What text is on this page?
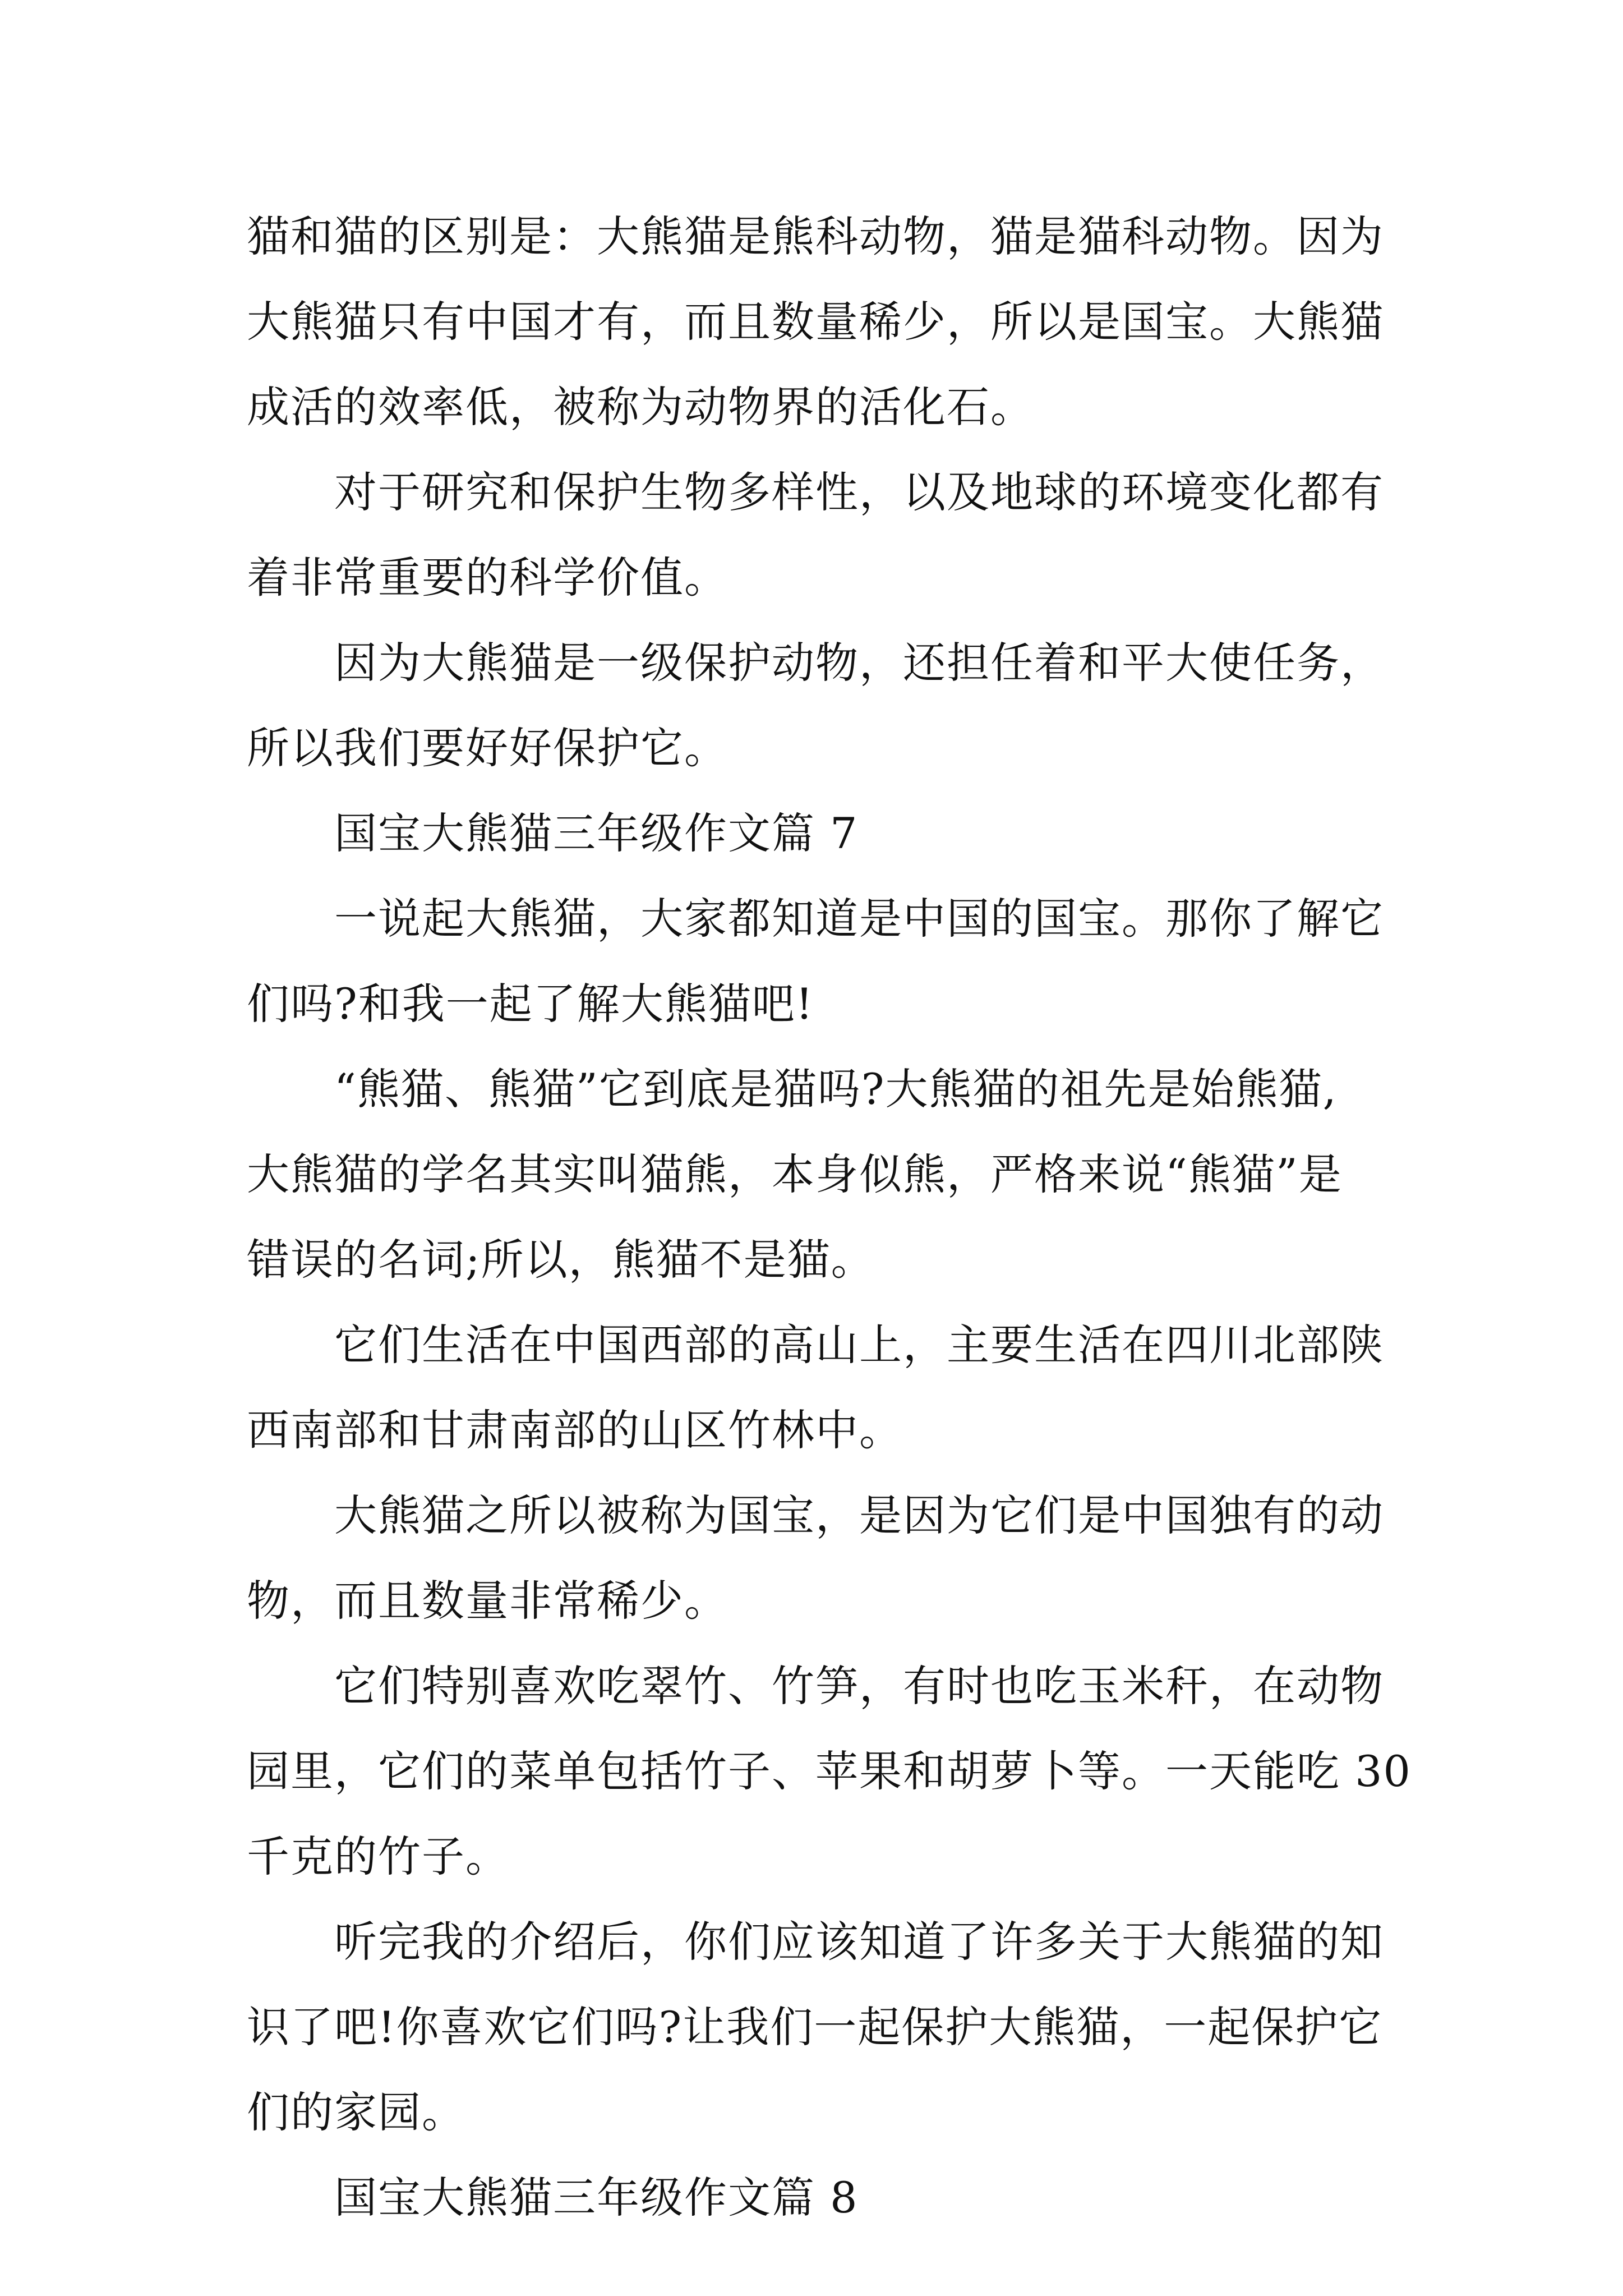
猫和猫的区别是：大熊猫是熊科动物，猫是猫科动物。因为
大熊猫只有中国才有，而且数量稀少，所以是国宝。大熊猫
成活的效率低，被称为动物界的活化石。
对于研究和保护生物多样性，以及地球的环境变化都有
着非常重要的科学价值。
因为大熊猫是一级保护动物，还担任着和平大使任务，
所以我们要好好保护它。
国宝大熊猫三年级作文篇 7
一说起大熊猫，大家都知道是中国的国宝。那你了解它
们吗?和我一起了解大熊猫吧!
“熊猫、熊猫”它到底是猫吗?大熊猫的祖先是始熊猫,
大熊猫的学名其实叫猫熊，本身似熊，严格来说“熊猫”是
错误的名词;所以，熊猫不是猫。
它们生活在中国西部的高山上，主要生活在四川北部陕
西南部和甘肃南部的山区竹林中。
大熊猫之所以被称为国宝，是因为它们是中国独有的动
物，而且数量非常稀少。
它们特别喜欢吃翠竹、竹笋，有时也吃玉米秆，在动物
园里，它们的菜单包括竹子、苹果和胡萝卜等。一天能吃 30
千克的竹子。
听完我的介绍后，你们应该知道了许多关于大熊猫的知
识了吧!你喜欢它们吗?让我们一起保护大熊猫，一起保护它
们的家园。
国宝大熊猫三年级作文篇 8
